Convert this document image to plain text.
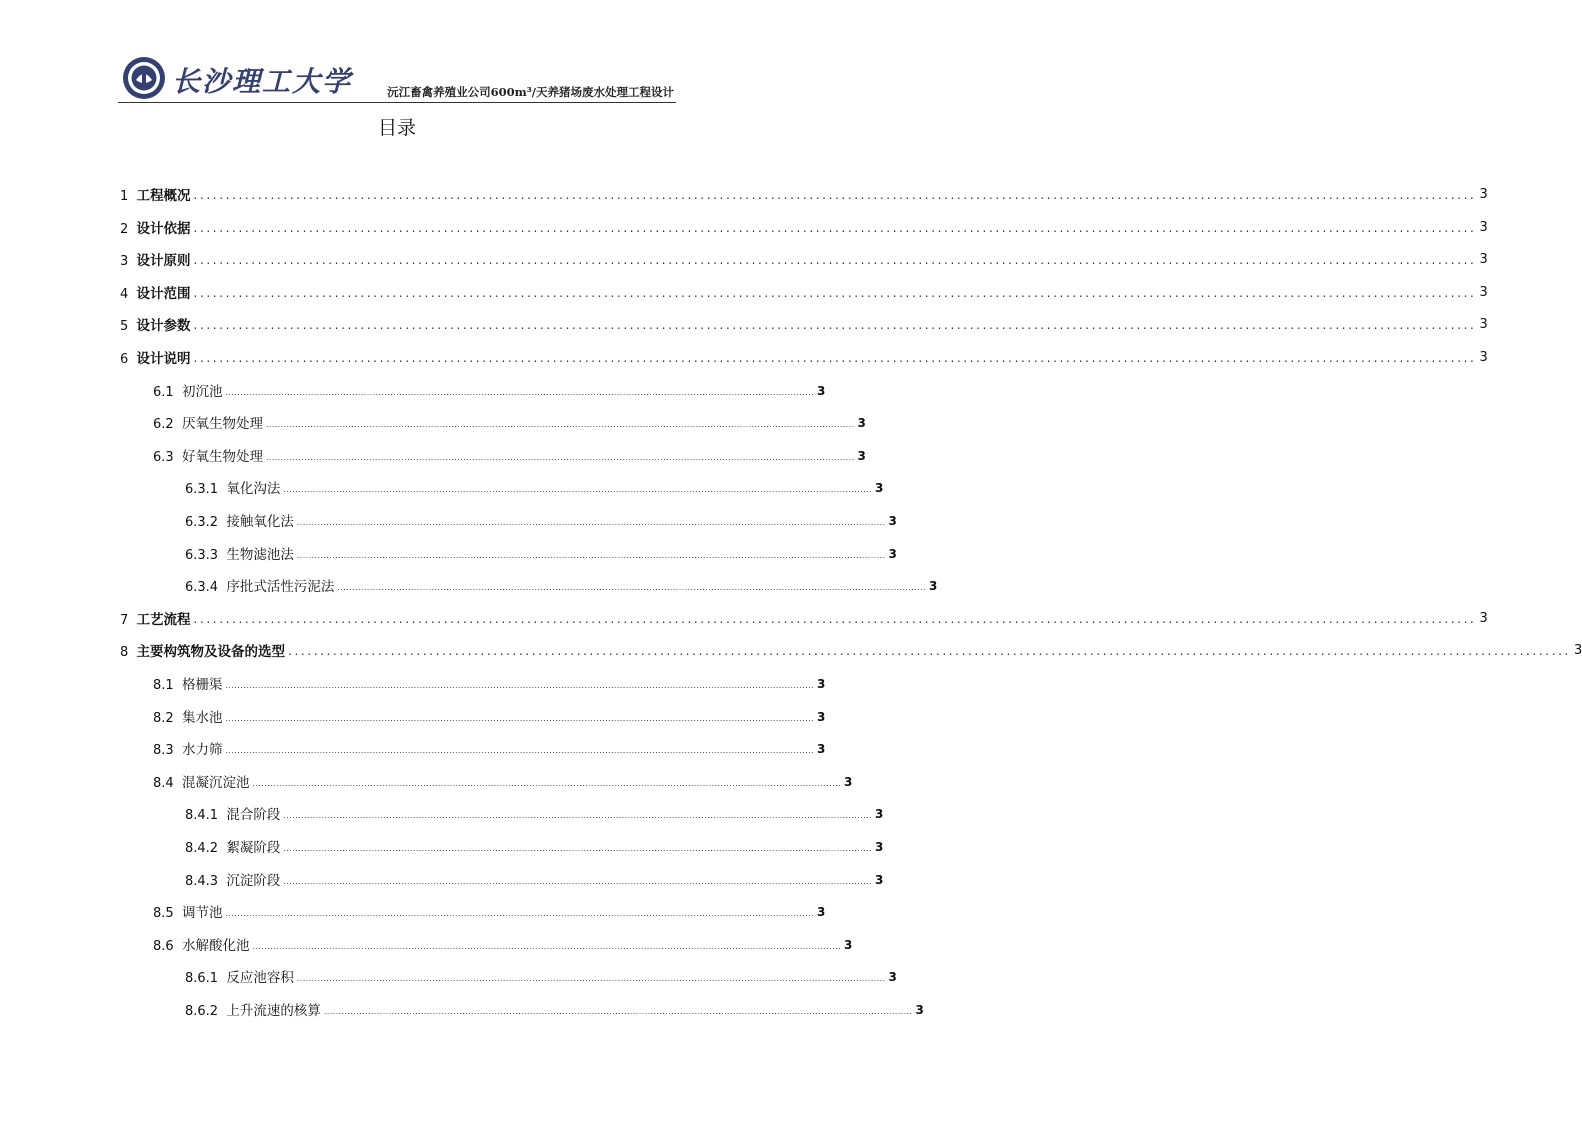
长沙理工大学	沅江畜禽养殖业公司600m³/天养猪场废水处理工程设计
目录
1 工程概况 ........................................................................................................................................................................................................ 3
2 设计依据 ........................................................................................................................................................................................................ 3
3 设计原则 ........................................................................................................................................................................................................ 3
4 设计范围 ........................................................................................................................................................................................................ 3
5 设计参数 ........................................................................................................................................................................................................ 3
6 设计说明 ........................................................................................................................................................................................................ 3
6.1 初沉池 ........................................................................................................................................................................................................ 3
6.2 厌氧生物处理 ........................................................................................................................................................................................................ 3
6.3 好氧生物处理 ........................................................................................................................................................................................................ 3
6.3.1 氧化沟法 ........................................................................................................................................................................................................ 3
6.3.2 接触氧化法 ........................................................................................................................................................................................................ 3
6.3.3 生物滤池法 ........................................................................................................................................................................................................ 3
6.3.4 序批式活性污泥法 ........................................................................................................................................................................................................ 3
7 工艺流程 ........................................................................................................................................................................................................ 3
8 主要构筑物及设备的选型 ........................................................................................................................................................................................................ 3
8.1 格栅渠 ........................................................................................................................................................................................................ 3
8.2 集水池 ........................................................................................................................................................................................................ 3
8.3 水力筛 ........................................................................................................................................................................................................ 3
8.4 混凝沉淀池 ........................................................................................................................................................................................................ 3
8.4.1 混合阶段 ........................................................................................................................................................................................................ 3
8.4.2 絮凝阶段 ........................................................................................................................................................................................................ 3
8.4.3 沉淀阶段 ........................................................................................................................................................................................................ 3
8.5 调节池 ........................................................................................................................................................................................................ 3
8.6 水解酸化池 ........................................................................................................................................................................................................ 3
8.6.1 反应池容积 ........................................................................................................................................................................................................ 3
8.6.2 上升流速的核算 ........................................................................................................................................................................................................ 3
